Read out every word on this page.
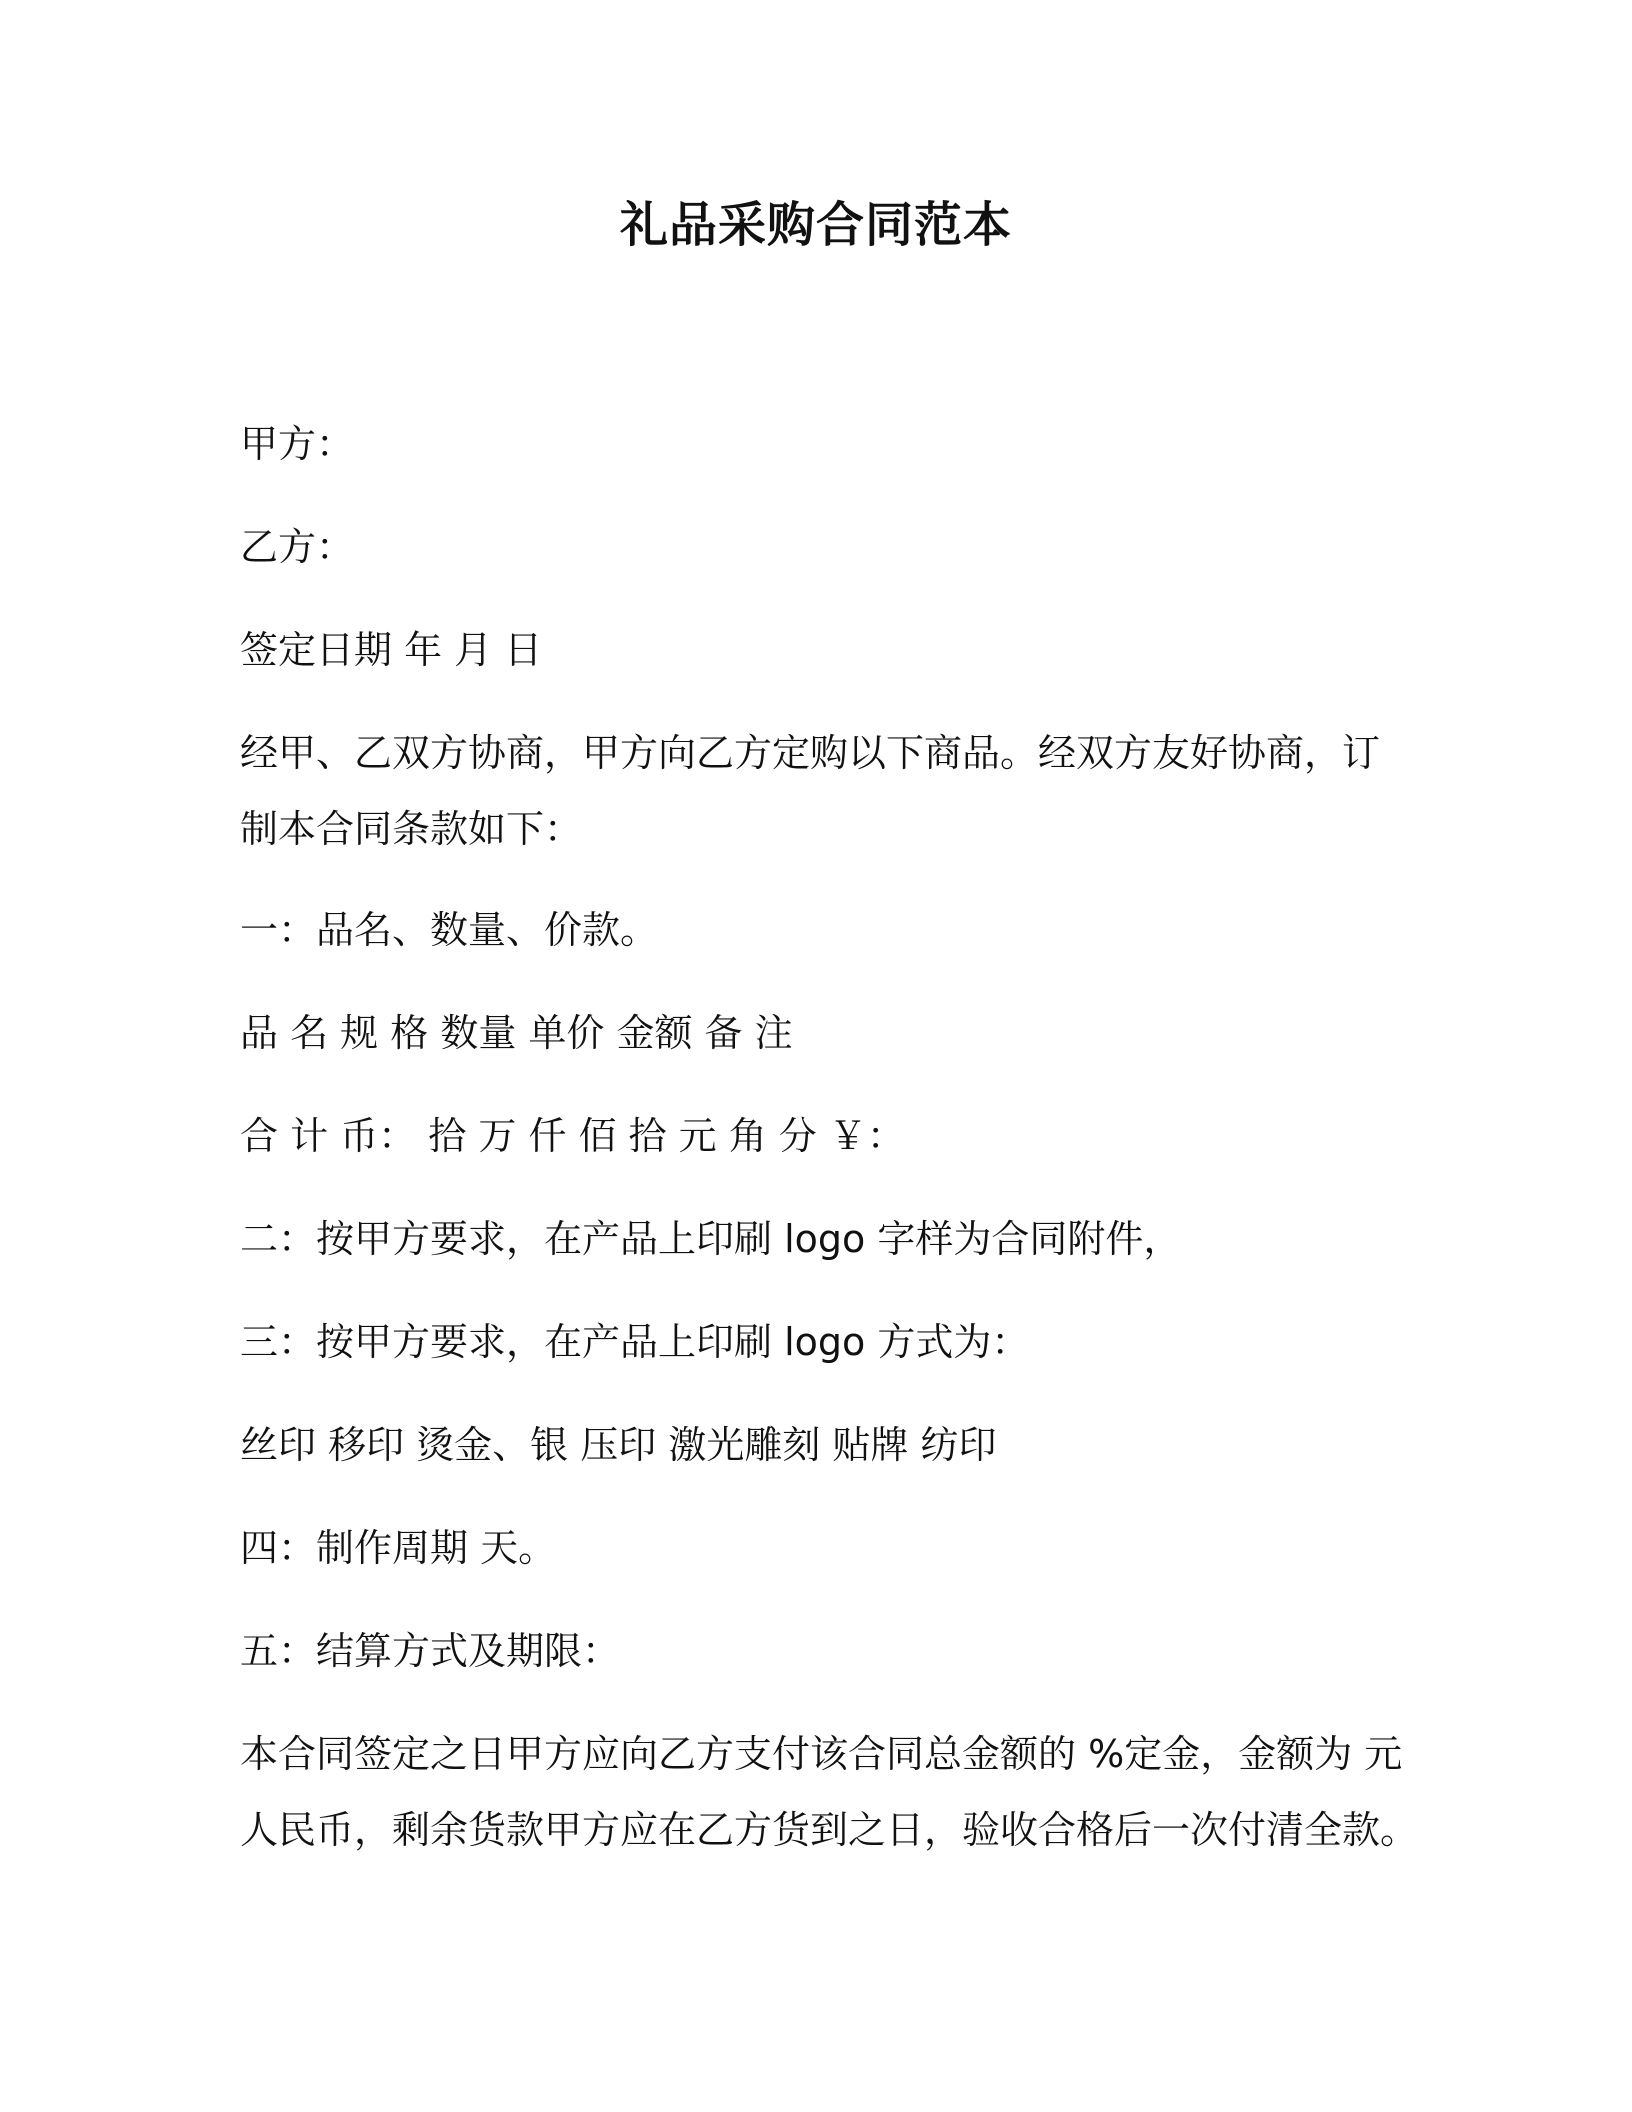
礼品采购合同范本
甲方：
乙方：
签定日期 年 月 日
经甲、乙双方协商，甲方向乙方定购以下商品。经双方友好协商，订
制本合同条款如下：
一：品名、数量、价款。
品 名 规 格 数量 单价 金额 备 注
合 计 币： 拾 万 仟 佰 拾 元 角 分 ￥：
二：按甲方要求，在产品上印刷 logo 字样为合同附件，
三：按甲方要求，在产品上印刷 logo 方式为：
丝印 移印 烫金、银 压印 激光雕刻 贴牌 纺印
四：制作周期 天。
五：结算方式及期限：
本合同签定之日甲方应向乙方支付该合同总金额的 %定金，金额为 元
人民币，剩余货款甲方应在乙方货到之日，验收合格后一次付清全款。
